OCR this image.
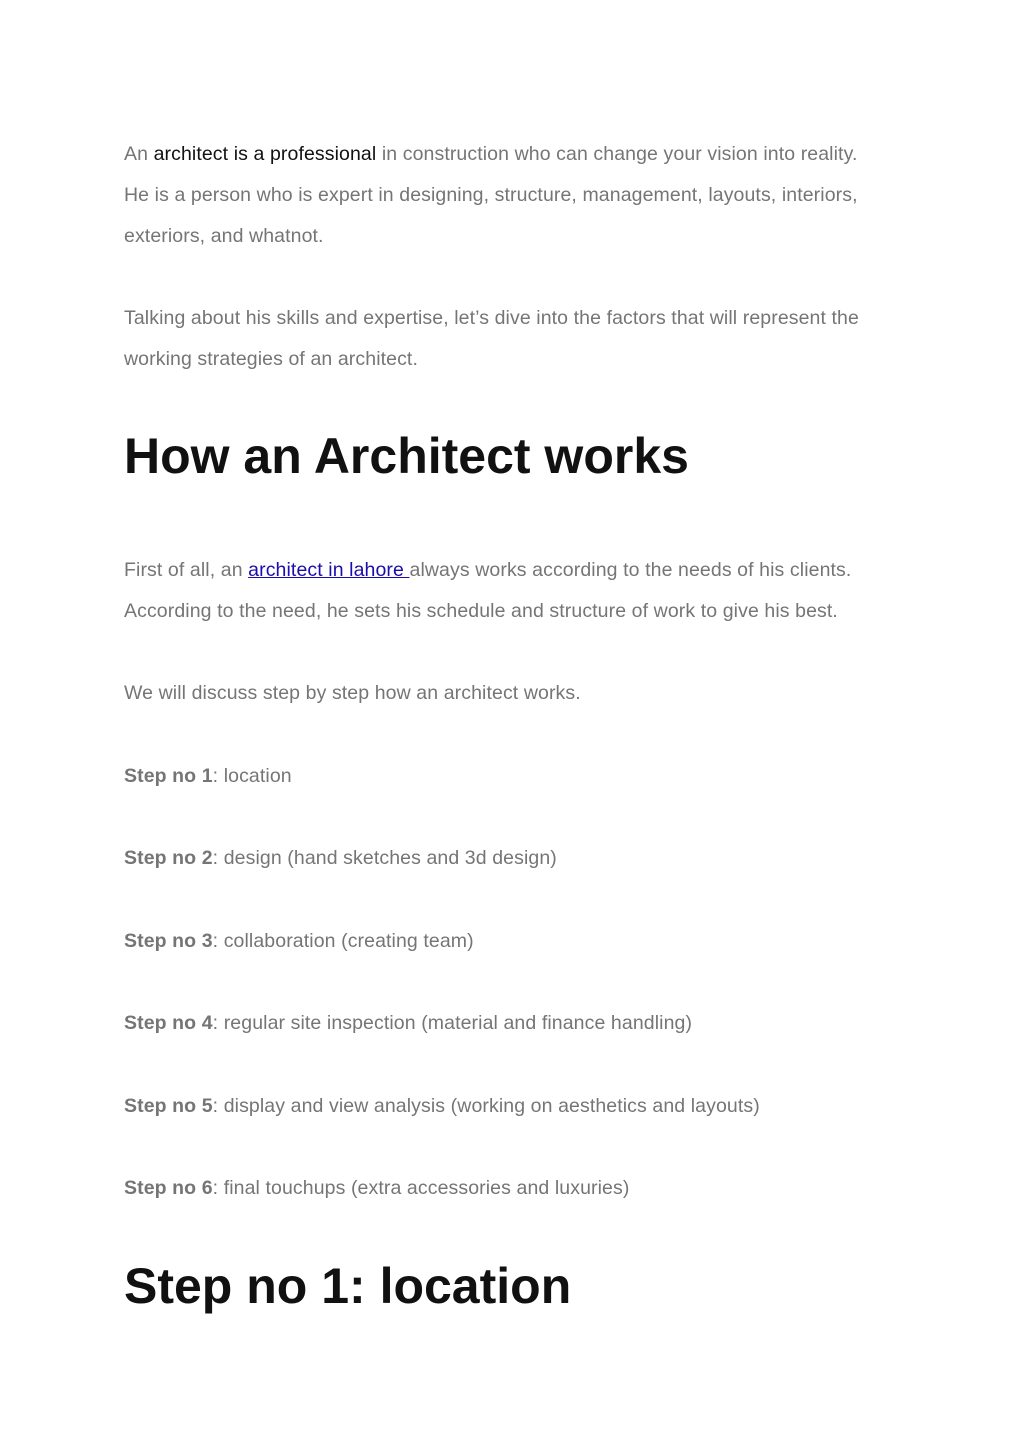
An architect is a professional in construction who can change your vision into reality.
He is a person who is expert in designing, structure, management, layouts, interiors,
exteriors, and whatnot.

Talking about his skills and expertise, let’s dive into the factors that will represent the
working strategies of an architect.

How an Architect works

First of all, an architect in lahore always works according to the needs of his clients.
According to the need, he sets his schedule and structure of work to give his best.

We will discuss step by step how an architect works.

Step no 1: location

Step no 2: design (hand sketches and 3d design)

Step no 3: collaboration (creating team)

Step no 4: regular site inspection (material and finance handling)

Step no 5: display and view analysis (working on aesthetics and layouts)

Step no 6: final touchups (extra accessories and luxuries)

Step no 1: location
